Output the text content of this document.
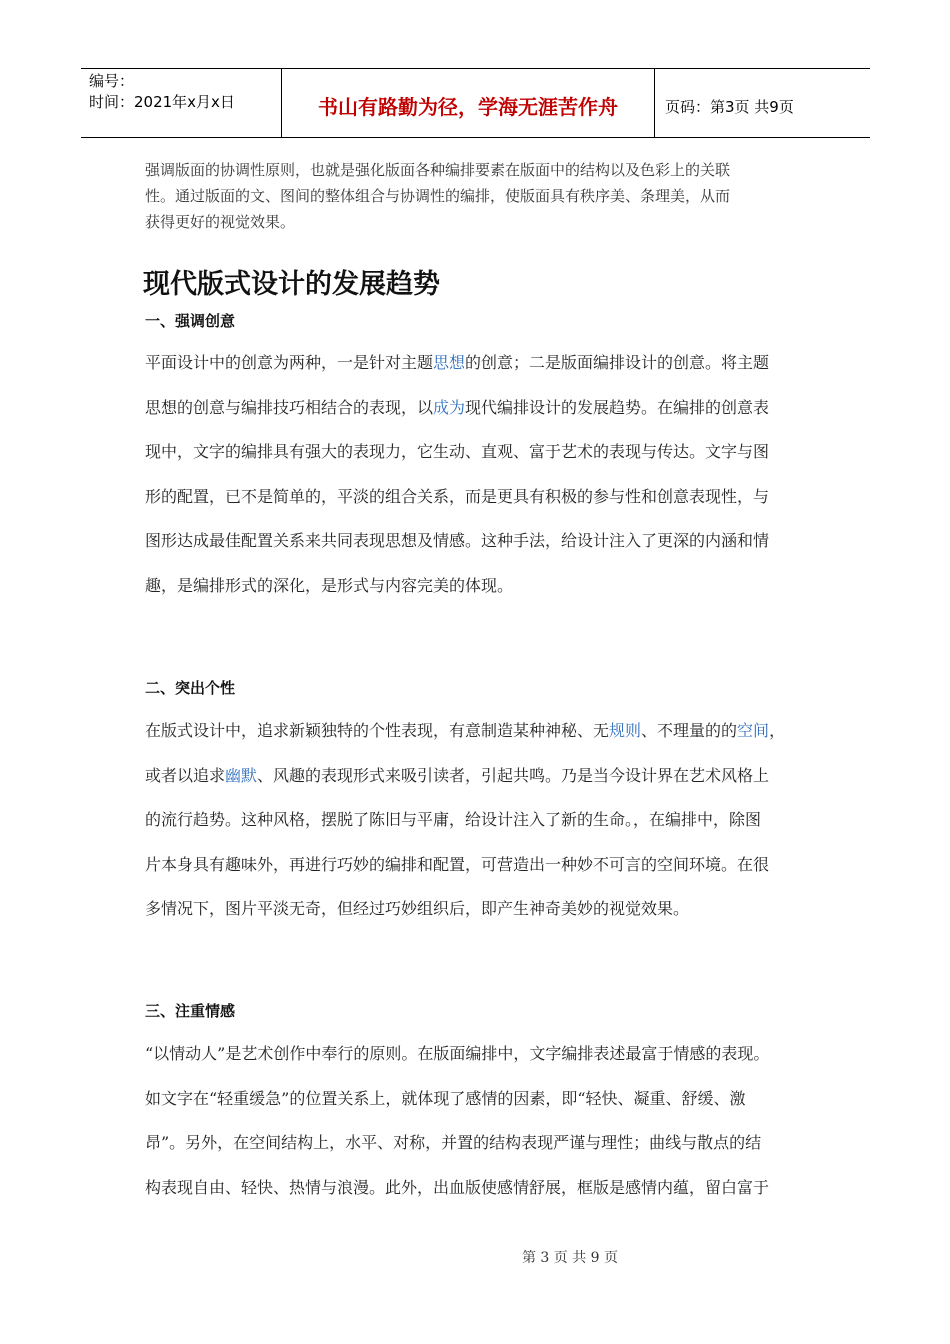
编号：
时间：2021年x月x日	书山有路勤为径，学海无涯苦作舟	页码：第3页 共9页
强调版面的协调性原则，也就是强化版面各种编排要素在版面中的结构以及色彩上的关联
性。通过版面的文、图间的整体组合与协调性的编排，使版面具有秩序美、条理美，从而
获得更好的视觉效果。
现代版式设计的发展趋势
一、强调创意
平面设计中的创意为两种，一是针对主题思想的创意；二是版面编排设计的创意。将主题
思想的创意与编排技巧相结合的表现，以成为现代编排设计的发展趋势。在编排的创意表
现中，文字的编排具有强大的表现力，它生动、直观、富于艺术的表现与传达。文字与图
形的配置，已不是简单的，平淡的组合关系，而是更具有积极的参与性和创意表现性，与
图形达成最佳配置关系来共同表现思想及情感。这种手法，给设计注入了更深的内涵和情
趣，是编排形式的深化，是形式与内容完美的体现。
二、突出个性
在版式设计中，追求新颖独特的个性表现，有意制造某种神秘、无规则、不理量的的空间，
或者以追求幽默、风趣的表现形式来吸引读者，引起共鸣。乃是当今设计界在艺术风格上
的流行趋势。这种风格，摆脱了陈旧与平庸，给设计注入了新的生命。，在编排中，除图
片本身具有趣味外，再进行巧妙的编排和配置，可营造出一种妙不可言的空间环境。在很
多情况下，图片平淡无奇，但经过巧妙组织后，即产生神奇美妙的视觉效果。
三、注重情感
“以情动人”是艺术创作中奉行的原则。在版面编排中，文字编排表述最富于情感的表现。
如文字在“轻重缓急”的位置关系上，就体现了感情的因素，即“轻快、凝重、舒缓、激
昂”。另外，在空间结构上，水平、对称，并置的结构表现严谨与理性；曲线与散点的结
构表现自由、轻快、热情与浪漫。此外，出血版使感情舒展，框版是感情内蕴，留白富于
第 3 页 共 9 页
